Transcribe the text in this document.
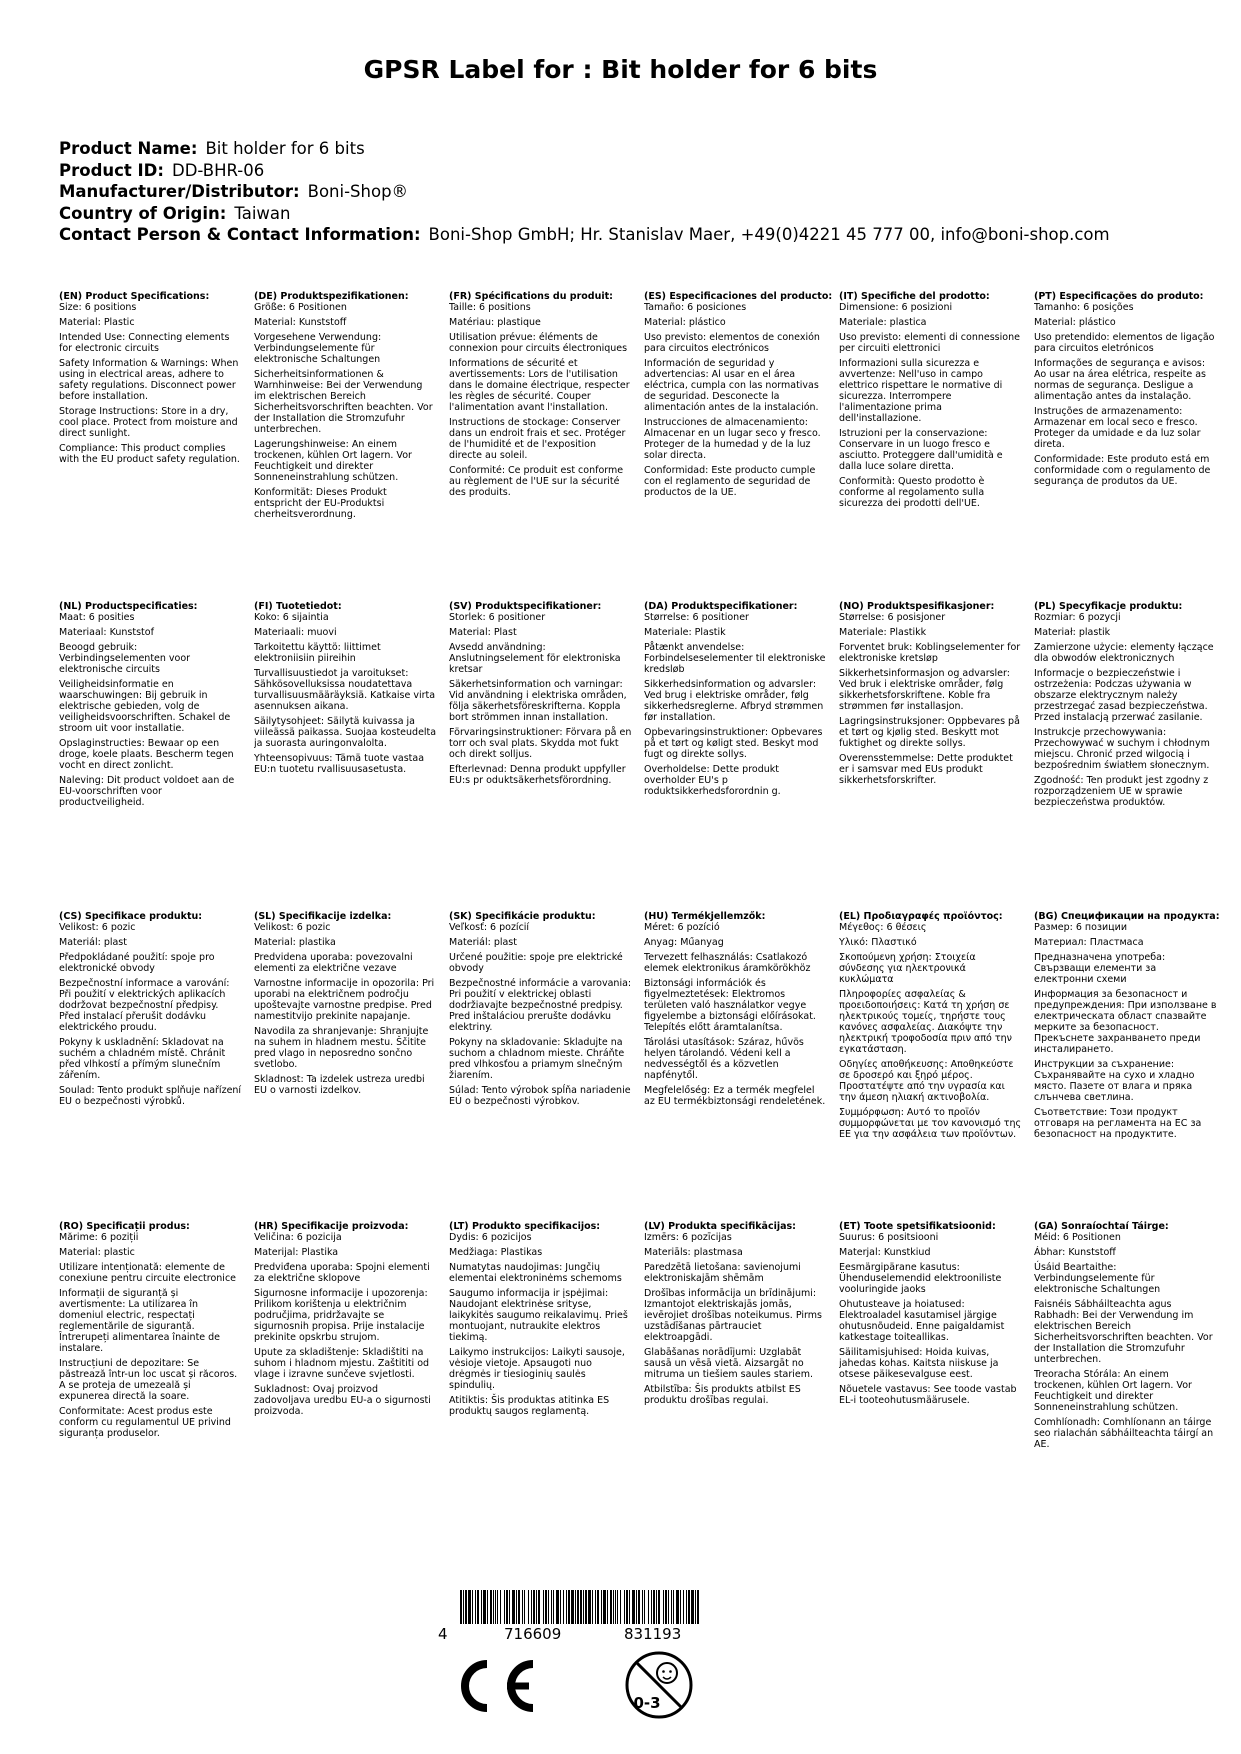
GPSR Label for : Bit holder for 6 bits
Product Name: Bit holder for 6 bits
Product ID: DD-BHR-06
Manufacturer/Distributor: Boni-Shop®
Country of Origin: Taiwan
Contact Person & Contact Information: Boni-Shop GmbH; Hr. Stanislav Maer, +49(0)4221 45 777 00, info@boni-shop.com
(EN) Product Specifications:
Size: 6 positions
Material: Plastic
Intended Use: Connecting elements for electronic circuits
Safety Information & Warnings: When using in electrical areas, adhere to safety regulations. Disconnect power before installation.
Storage Instructions: Store in a dry, cool place. Protect from moisture and direct sunlight.
Compliance: This product complies with the EU product safety regulation.
(DE) Produktspezifikationen:
Größe: 6 Positionen
Material: Kunststoff
Vorgesehene Verwendung: Verbindungselemente für elektronische Schaltungen
Sicherheitsinformationen & Warnhinweise: Bei der Verwendung im elektrischen Bereich Sicherheitsvorschriften beachten. Vor der Installation die Stromzufuhr unterbrechen.
Lagerungshinweise: An einem trockenen, kühlen Ort lagern. Vor Feuchtigkeit und direkter Sonneneinstrahlung schützen.
Konformität: Dieses Produkt entspricht der EU-Produktsi cherheitsverordnung.
(FR) Spécifications du produit:
Taille: 6 positions
Matériau: plastique
Utilisation prévue: éléments de connexion pour circuits électroniques
Informations de sécurité et avertissements: Lors de l'utilisation dans le domaine électrique, respecter les règles de sécurité. Couper l'alimentation avant l'installation.
Instructions de stockage: Conserver dans un endroit frais et sec. Protéger de l'humidité et de l'exposition directe au soleil.
Conformité: Ce produit est conforme au règlement de l'UE sur la sécurité des produits.
(ES) Especificaciones del producto:
Tamaño: 6 posiciones
Material: plástico
Uso previsto: elementos de conexión para circuitos electrónicos
Información de seguridad y advertencias: Al usar en el área eléctrica, cumpla con las normativas de seguridad. Desconecte la alimentación antes de la instalación.
Instrucciones de almacenamiento: Almacenar en un lugar seco y fresco. Proteger de la humedad y de la luz solar directa.
Conformidad: Este producto cumple con el reglamento de seguridad de productos de la UE.
(IT) Specifiche del prodotto:
Dimensione: 6 posizioni
Materiale: plastica
Uso previsto: elementi di connessione per circuiti elettronici
Informazioni sulla sicurezza e avvertenze: Nell'uso in campo elettrico rispettare le normative di sicurezza. Interrompere l'alimentazione prima dell'installazione.
Istruzioni per la conservazione: Conservare in un luogo fresco e asciutto. Proteggere dall'umidità e dalla luce solare diretta.
Conformità: Questo prodotto è conforme al regolamento sulla sicurezza dei prodotti dell'UE.
(PT) Especificações do produto:
Tamanho: 6 posições
Material: plástico
Uso pretendido: elementos de ligação para circuitos eletrónicos
Informações de segurança e avisos: Ao usar na área elétrica, respeite as normas de segurança. Desligue a alimentação antes da instalação.
Instruções de armazenamento: Armazenar em local seco e fresco. Proteger da umidade e da luz solar direta.
Conformidade: Este produto está em conformidade com o regulamento de segurança de produtos da UE.
(NL) Productspecificaties:
Maat: 6 posities
Materiaal: Kunststof
Beoogd gebruik: Verbindingselementen voor elektronische circuits
Veiligheidsinformatie en waarschuwingen: Bij gebruik in elektrische gebieden, volg de veiligheidsvoorschriften. Schakel de stroom uit voor installatie.
Opslaginstructies: Bewaar op een droge, koele plaats. Bescherm tegen vocht en direct zonlicht.
Naleving: Dit product voldoet aan de EU-voorschriften voor productveiligheid.
(FI) Tuotetiedot:
Koko: 6 sijaintia
Materiaali: muovi
Tarkoitettu käyttö: liittimet elektroniisiin piireihin
Turvallisuustiedot ja varoitukset: Sähkösovelluksissa noudatettava turvallisuusmääräyksiä. Katkaise virta asennuksen aikana.
Säilytysohjeet: Säilytä kuivassa ja viileässä paikassa. Suojaa kosteudelta ja suorasta auringonvalolta.
Yhteensopivuus: Tämä tuote vastaa EU:n tuotetu rvallisuusasetusta.
(SV) Produktspecifikationer:
Storlek: 6 positioner
Material: Plast
Avsedd användning: Anslutningselement för elektroniska kretsar
Säkerhetsinformation och varningar: Vid användning i elektriska områden, följa säkerhetsföreskrifterna. Koppla bort strömmen innan installation.
Förvaringsinstruktioner: Förvara på en torr och sval plats. Skydda mot fukt och direkt solljus.
Efterlevnad: Denna produkt uppfyller EU:s pr oduktsäkerhetsförordning.
(DA) Produktspecifikationer:
Størrelse: 6 positioner
Materiale: Plastik
Påtænkt anvendelse: Forbindelseselementer til elektroniske kredsløb
Sikkerhedsinformation og advarsler: Ved brug i elektriske områder, følg sikkerhedsreglerne. Afbryd strømmen før installation.
Opbevaringsinstruktioner: Opbevares på et tørt og køligt sted. Beskyt mod fugt og direkte sollys.
Overholdelse: Dette produkt overholder EU's p roduktsikkerhedsforordnin g.
(NO) Produktspesifikasjoner:
Størrelse: 6 posisjoner
Materiale: Plastikk
Forventet bruk: Koblingselementer for elektroniske kretsløp
Sikkerhetsinformasjon og advarsler: Ved bruk i elektriske områder, følg sikkerhetsforskriftene. Koble fra strømmen før installasjon.
Lagringsinstruksjoner: Oppbevares på et tørt og kjølig sted. Beskytt mot fuktighet og direkte sollys.
Overensstemmelse: Dette produktet er i samsvar med EUs produkt sikkerhetsforskrifter.
(PL) Specyfikacje produktu:
Rozmiar: 6 pozycji
Materiał: plastik
Zamierzone użycie: elementy łączące dla obwodów elektronicznych
Informacje o bezpieczeństwie i ostrzeżenia: Podczas używania w obszarze elektrycznym należy przestrzegać zasad bezpieczeństwa. Przed instalacją przerwać zasilanie.
Instrukcje przechowywania: Przechowywać w suchym i chłodnym miejscu. Chronić przed wilgocią i bezpośrednim światłem słonecznym.
Zgodność: Ten produkt jest zgodny z rozporządzeniem UE w sprawie bezpieczeństwa produktów.
(CS) Specifikace produktu:
Velikost: 6 pozic
Materiál: plast
Předpokládané použití: spoje pro elektronické obvody
Bezpečnostní informace a varování: Při použití v elektrických aplikacích dodržovat bezpečnostní předpisy. Před instalací přerušit dodávku elektrického proudu.
Pokyny k uskladnění: Skladovat na suchém a chladném místě. Chránit před vlhkostí a přímým slunečním zářením.
Soulad: Tento produkt splňuje nařízení EU o bezpečnosti výrobků.
(SL) Specifikacije izdelka:
Velikost: 6 pozic
Material: plastika
Predvidena uporaba: povezovalni elementi za električne vezave
Varnostne informacije in opozorila: Pri uporabi na električnem področju upoštevajte varnostne predpise. Pred namestitvijo prekinite napajanje.
Navodila za shranjevanje: Shranjujte na suhem in hladnem mestu. Ščitite pred vlago in neposredno sončno svetlobo.
Skladnost: Ta izdelek ustreza uredbi EU o varnosti izdelkov.
(SK) Špecifikácie produktu:
Veľkosť: 6 pozícií
Materiál: plast
Určené použitie: spoje pre elektrické obvody
Bezpečnostné informácie a varovania: Pri použití v elektrickej oblasti dodržiavajte bezpečnostné predpisy. Pred inštaláciou prerušte dodávku elektriny.
Pokyny na skladovanie: Skladujte na suchom a chladnom mieste. Chráňte pred vlhkosťou a priamym slnečným žiarením.
Súlad: Tento výrobok spĺňa nariadenie EÚ o bezpečnosti výrobkov.
(HU) Termékjellemzők:
Méret: 6 pozíció
Anyag: Műanyag
Tervezett felhasználás: Csatlakozó elemek elektronikus áramkörökhöz
Biztonsági információk és figyelmeztetések: Elektromos területen való használatkor vegye figyelembe a biztonsági előírásokat. Telepítés előtt áramtalanítsa.
Tárolási utasítások: Száraz, hűvös helyen tárolandó. Védeni kell a nedvességtől és a közvetlen napfénytől.
Megfelelőség: Ez a termék megfelel az EU termékbiztonsági rendeletének.
(EL) Προδιαγραφές προϊόντος:
Μέγεθος: 6 θέσεις
Υλικό: Πλαστικό
Σκοπούμενη χρήση: Στοιχεία σύνδεσης για ηλεκτρονικά κυκλώματα
Πληροφορίες ασφαλείας & προειδοποιήσεις: Κατά τη χρήση σε ηλεκτρικούς τομείς, τηρήστε τους κανόνες ασφαλείας. Διακόψτε την ηλεκτρική τροφοδοσία πριν από την εγκατάσταση.
Οδηγίες αποθήκευσης: Αποθηκεύστε σε δροσερό και ξηρό μέρος. Προστατέψτε από την υγρασία και την άμεση ηλιακή ακτινοβολία.
Συμμόρφωση: Αυτό το προϊόν συμμορφώνεται με τον κανονισμό της ΕΕ για την ασφάλεια των προϊόντων.
(BG) Спецификации на продукта:
Размер: 6 позиции
Материал: Пластмаса
Предназначена употреба: Свързващи елементи за електронни схеми
Информация за безопасност и предупреждения: При използване в електрическата област спазвайте мерките за безопасност. Прекъснете захранването преди инсталирането.
Инструкции за съхранение: Съхранявайте на сухо и хладно място. Пазете от влага и пряка слънчева светлина.
Съответствие: Този продукт отговаря на регламента на ЕС за безопасност на продуктите.
(RO) Specificații produs:
Mărime: 6 poziții
Material: plastic
Utilizare intenționată: elemente de conexiune pentru circuite electronice
Informații de siguranță și avertismente: La utilizarea în domeniul electric, respectați reglementările de siguranță. Întrerupeți alimentarea înainte de instalare.
Instrucțiuni de depozitare: Se păstrează într-un loc uscat și răcoros. A se proteja de umezeală și expunerea directă la soare.
Conformitate: Acest produs este conform cu regulamentul UE privind siguranța produselor.
(HR) Specifikacije proizvoda:
Veličina: 6 pozicija
Materijal: Plastika
Predviđena uporaba: Spojni elementi za električne sklopove
Sigurnosne informacije i upozorenja: Prilikom korištenja u električnim područjima, pridržavajte se sigurnosnih propisa. Prije instalacije prekinite opskrbu strujom.
Upute za skladištenje: Skladištiti na suhom i hladnom mjestu. Zaštititi od vlage i izravne sunčeve svjetlosti.
Sukladnost: Ovaj proizvod zadovoljava uredbu EU-a o sigurnosti proizvoda.
(LT) Produkto specifikacijos:
Dydis: 6 pozicijos
Medžiaga: Plastikas
Numatytas naudojimas: Jungčių elementai elektroninėms schemoms
Saugumo informacija ir įspėjimai: Naudojant elektrinėse srityse, laikykitės saugumo reikalavimų. Prieš montuojant, nutraukite elektros tiekimą.
Laikymo instrukcijos: Laikyti sausoje, vėsioje vietoje. Apsaugoti nuo drėgmės ir tiesioginių saulės spindulių.
Atitiktis: Šis produktas atitinka ES produktų saugos reglamentą.
(LV) Produkta specifikācijas:
Izmērs: 6 pozīcijas
Materiāls: plastmasa
Paredzētā lietošana: savienojumi elektroniskajām shēmām
Drošības informācija un brīdinājumi: Izmantojot elektriskajās jomās, ievērojiet drošības noteikumus. Pirms uzstādīšanas pārtrauciet elektroapgādi.
Glabāšanas norādījumi: Uzglabāt sausā un vēsā vietā. Aizsargāt no mitruma un tiešiem saules stariem.
Atbilstība: Šis produkts atbilst ES produktu drošības regulai.
(ET) Toote spetsifikatsioonid:
Suurus: 6 positsiooni
Materjal: Kunstkiud
Eesmärgipärane kasutus: Ühenduselemendid elektrooniliste vooluringide jaoks
Ohutusteave ja hoiatused: Elektroaladel kasutamisel järgige ohutusnõudeid. Enne paigaldamist katkestage toiteallikas.
Säilitamisjuhised: Hoida kuivas, jahedas kohas. Kaitsta niiskuse ja otsese päikesevalguse eest.
Nõuetele vastavus: See toode vastab EL-i tooteohutusmäärusele.
(GA) Sonraíochtaí Táirge:
Méid: 6 Positionen
Ábhar: Kunststoff
Úsáid Beartaithe: Verbindungselemente für elektronische Schaltungen
Faisnéis Sábháilteachta agus Rabhadh: Bei der Verwendung im elektrischen Bereich Sicherheitsvorschriften beachten. Vor der Installation die Stromzufuhr unterbrechen.
Treoracha Stórála: An einem trockenen, kühlen Ort lagern. Vor Feuchtigkeit und direkter Sonneneinstrahlung schützen.
Comhlíonadh: Comhlíonann an táirge seo rialachán sábháilteachta táirgí an AE.
4	716609	831193
0-3
